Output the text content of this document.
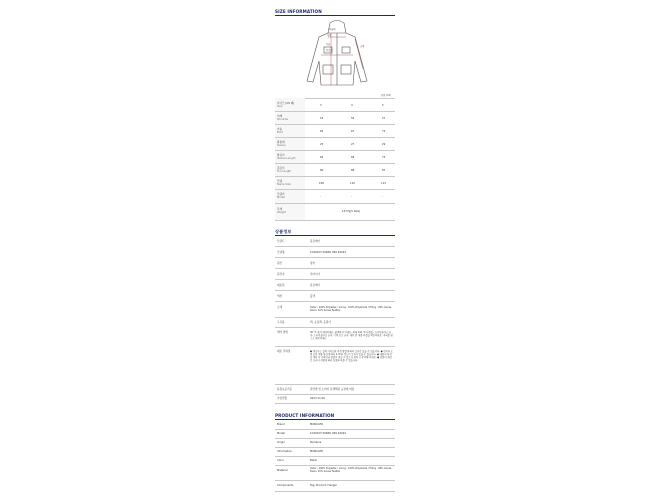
SIZE INFORMATION
목둘레
어깨
가슴
총길이
소매
단위 (cm)
사이즈 (US 제)
Size	3	4	5
어깨
Shoulder	53	55	57
가슴
Bust	62	67	73
팔통레
Sleeve	25	27	29
팔길이
Sleeve Length	65	68	73
총길이
Full Length	80	88	87
모델
Name Size	108	110	113
모델키
Model	-	-	-
무게
Weight	1577g(5 Size)
상품정보
브랜드	몽클레어
모델명	1C00013 5968Q 999 K2091
원산	정석
원산지	루마니아
제조원	몽클레어
색상	블랙
소재	Outer : 100% Polyester / Lining : 100% Polyamide / Filling : 90% Goose Down, 10% Goose Feather
구성품	택, 쇼핑백, 옷걸이
세탁 방법	30 °C 에서 세탁하세요, 표백하지 마세요, 최대 110 °C 다림질, 드라이클리닝 금지, 드라이클리닝 금지, 기계 건조 금지, 세탁 전 제품 라벨을 확인하세요. 지퍼를 잠그고 세탁하세요.
제조 주의점	● 제조사는 실제 사이즈와 측정 방법에 따라 오차가 있을 수 있습니다. ● 면이나 소재 등의 제품 특성에 따라 1-3cm 정도의 오차가 있을 수 있습니다. ● 제품의 특성상 세탁 후 수축이나 변형이 생길 수 있으니 세탁 시 주의해 주세요. ● 상품의 색상은 모니터 사양에 따라 실제와 다를 수 있습니다.
품질보증기준	관련법 및 소비자 분쟁해결 규정에 따름
수입연월	2023.11.06
PRODUCT INFORMATION
Brand	MONCLER
Model	1C00013 5968Q 999 K2091
Origin	Romania
Information	MONCLER
Color	Black
Material
Outer : 100% Polyester / Lining : 100% Polyamide / Filling : 90% Goose Down, 10% Goose Feather
Components	Tag, Product, Hanger
